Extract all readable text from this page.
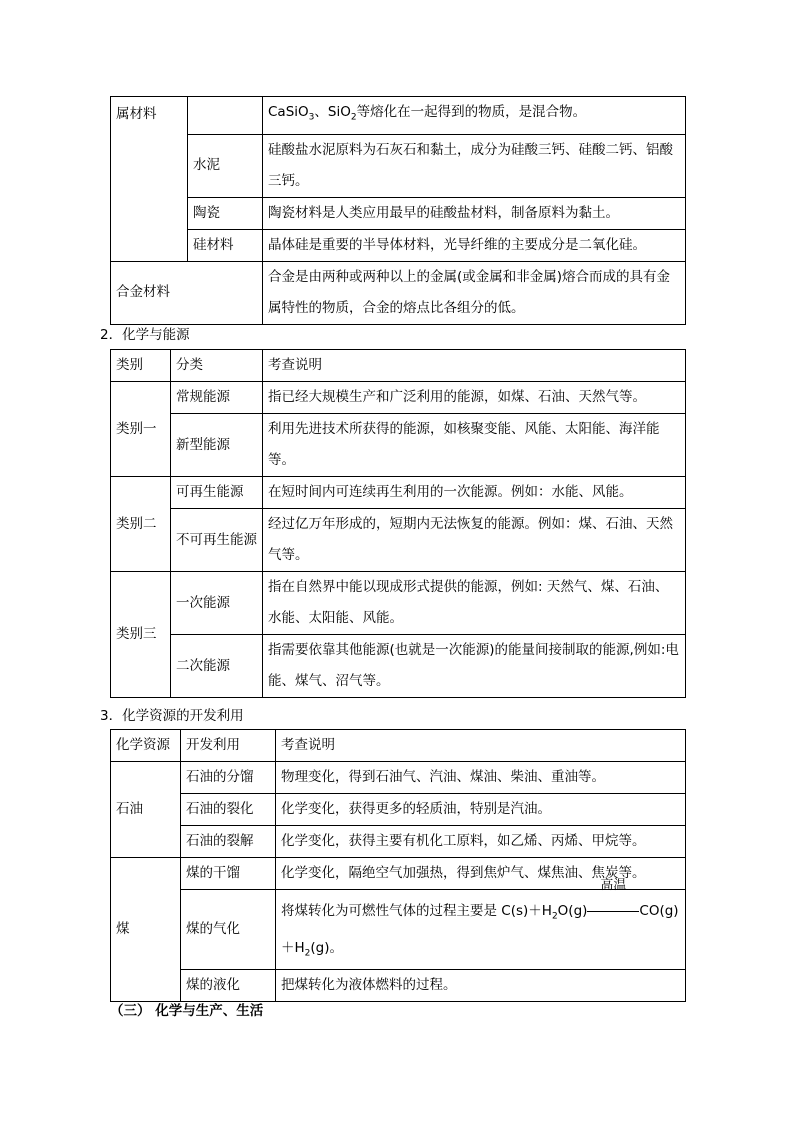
属材料		CaSiO$_3$、SiO$_2$等熔化在一起得到的物质，是混合物。
	水泥	硅酸盐水泥原料为石灰石和黏土，成分为硅酸三钙、硅酸二钙、铝酸三钙。
	陶瓷	陶瓷材料是人类应用最早的硅酸盐材料，制备原料为黏土。
	硅材料	晶体硅是重要的半导体材料，光导纤维的主要成分是二氧化硅。
合金材料		合金是由两种或两种以上的金属(或金属和非金属)熔合而成的具有金属特性的物质，合金的熔点比各组分的低。
2．化学与能源
类别	分类	考查说明
类别一	常规能源	指已经大规模生产和广泛利用的能源，如煤、石油、天然气等。
	新型能源	利用先进技术所获得的能源，如核聚变能、风能、太阳能、海洋能等。
类别二	可再生能源	在短时间内可连续再生利用的一次能源。例如：水能、风能。
	不可再生能源	经过亿万年形成的，短期内无法恢复的能源。例如：煤、石油、天然气等。
类别三	一次能源	指在自然界中能以现成形式提供的能源，例如: 天然气、煤、石油、水能、太阳能、风能。
	二次能源	指需要依靠其他能源(也就是一次能源)的能量间接制取的能源,例如:电能、煤气、沼气等。
3．化学资源的开发利用
化学资源	开发利用	考查说明
石油	石油的分馏	物理变化，得到石油气、汽油、煤油、柴油、重油等。
	石油的裂化	化学变化，获得更多的轻质油，特别是汽油。
	石油的裂解	化学变化，获得主要有机化工原料，如乙烯、丙烯、甲烷等。
煤	煤的干馏	化学变化，隔绝空气加强热，得到焦炉气、煤焦油、焦炭等。
	煤的气化	将煤转化为可燃性气体的过程主要是 $C(s)+H_2O(g)$
高温
CO(g)
$+H_2(g)$。
	煤的液化	把煤转化为液体燃料的过程。
（三） 化学与生产、生活
